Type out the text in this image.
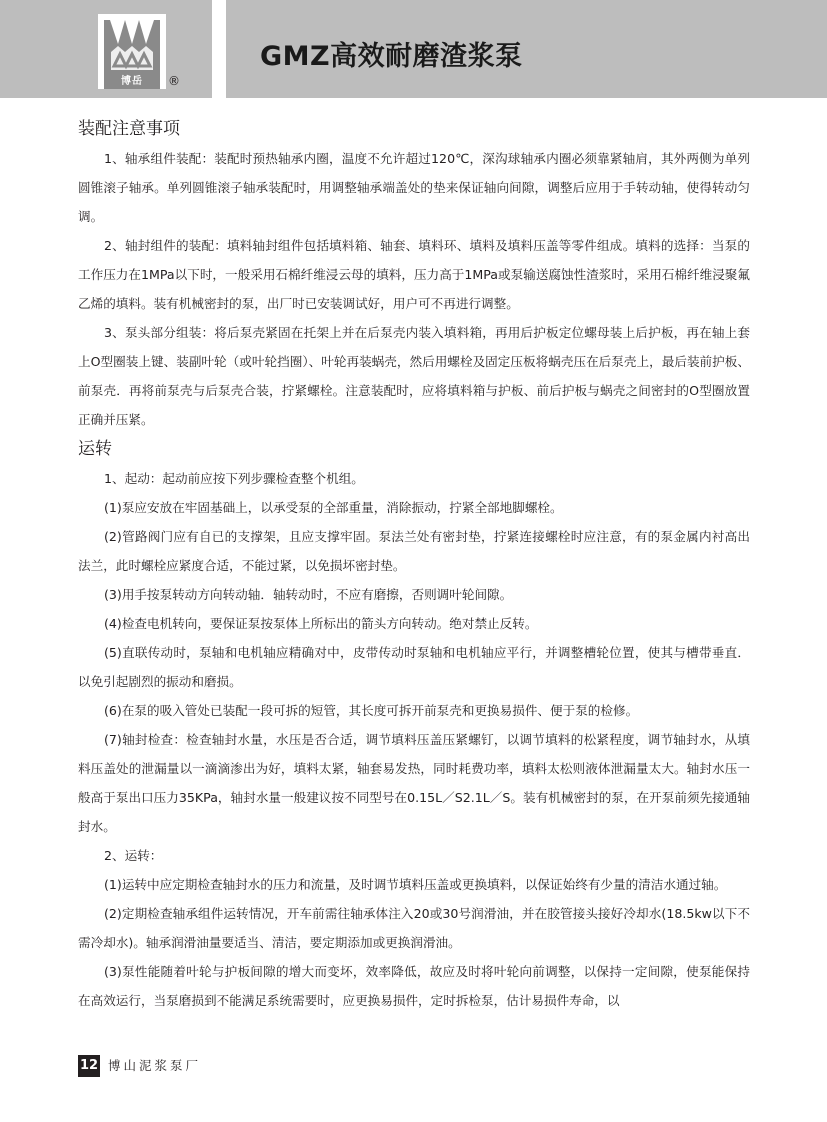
博岳	®
GMZ高效耐磨渣浆泵
装配注意事项

1、轴承组件装配：装配时预热轴承内圈，温度不允许超过120℃，深沟球轴承内圈必须靠紧轴肩，其外两侧为单列圆锥滚子轴承。单列圆锥滚子轴承装配时，用调整轴承端盖处的垫来保证轴向间隙，调整后应用于手转动轴，使得转动匀调。

2、轴封组件的装配：填料轴封组件包括填料箱、轴套、填料环、填料及填料压盖等零件组成。填料的选择：当泵的工作压力在1MPa以下时，一般采用石棉纤维浸云母的填料，压力高于1MPa或泵输送腐蚀性渣浆时，采用石棉纤维浸聚氟乙烯的填料。装有机械密封的泵，出厂时已安装调试好，用户可不再进行调整。

3、泵头部分组装：将后泵壳紧固在托架上并在后泵壳内装入填料箱，再用后护板定位螺母装上后护板，再在轴上套上O型圈装上键、装副叶轮（或叶轮挡圈）、叶轮再装蜗壳，然后用螺栓及固定压板将蜗壳压在后泵壳上，最后装前护板、前泵壳．再将前泵壳与后泵壳合装，拧紧螺栓。注意装配时，应将填料箱与护板、前后护板与蜗壳之间密封的O型圈放置正确并压紧。

运转

1、起动：起动前应按下列步骤检查整个机组。

(1)泵应安放在牢固基础上，以承受泵的全部重量，消除振动，拧紧全部地脚螺栓。

(2)管路阀门应有自已的支撑架，且应支撑牢固。泵法兰处有密封垫，拧紧连接螺栓时应注意，有的泵金属内衬高出法兰，此时螺栓应紧度合适，不能过紧，以免损坏密封垫。

(3)用手按泵转动方向转动轴．轴转动时，不应有磨擦，否则调叶轮间隙。

(4)检查电机转向，要保证泵按泵体上所标出的箭头方向转动。绝对禁止反转。

(5)直联传动时，泵轴和电机轴应精确对中，皮带传动时泵轴和电机轴应平行，并调整槽轮位置，使其与槽带垂直．以免引起剧烈的振动和磨损。

(6)在泵的吸入管处已装配一段可拆的短管，其长度可拆开前泵壳和更换易损件、便于泵的检修。

(7)轴封检查：检查轴封水量，水压是否合适，调节填料压盖压紧螺钉，以调节填料的松紧程度，调节轴封水，从填料压盖处的泄漏量以一滴滴渗出为好，填料太紧，轴套易发热，同时耗费功率，填料太松则液体泄漏量太大。轴封水压一般高于泵出口压力35KPa，轴封水量一般建议按不同型号在0.15L／S2.1L／S。装有机械密封的泵，在开泵前须先接通轴封水。

2、运转：

(1)运转中应定期检查轴封水的压力和流量，及时调节填料压盖或更换填料，以保证始终有少量的清洁水通过轴。

(2)定期检查轴承组件运转情况，开车前需往轴承体注入20或30号润滑油，并在胶管接头接好冷却水(18.5kw以下不需冷却水)。轴承润滑油量要适当、清洁，要定期添加或更换润滑油。

(3)泵性能随着叶轮与护板间隙的增大而变坏，效率降低，故应及时将叶轮向前调整，以保持一定间隙，使泵能保持在高效运行，当泵磨损到不能满足系统需要时，应更换易损件，定时拆检泵，估计易损件寿命，以

12 博山泥浆泵厂
